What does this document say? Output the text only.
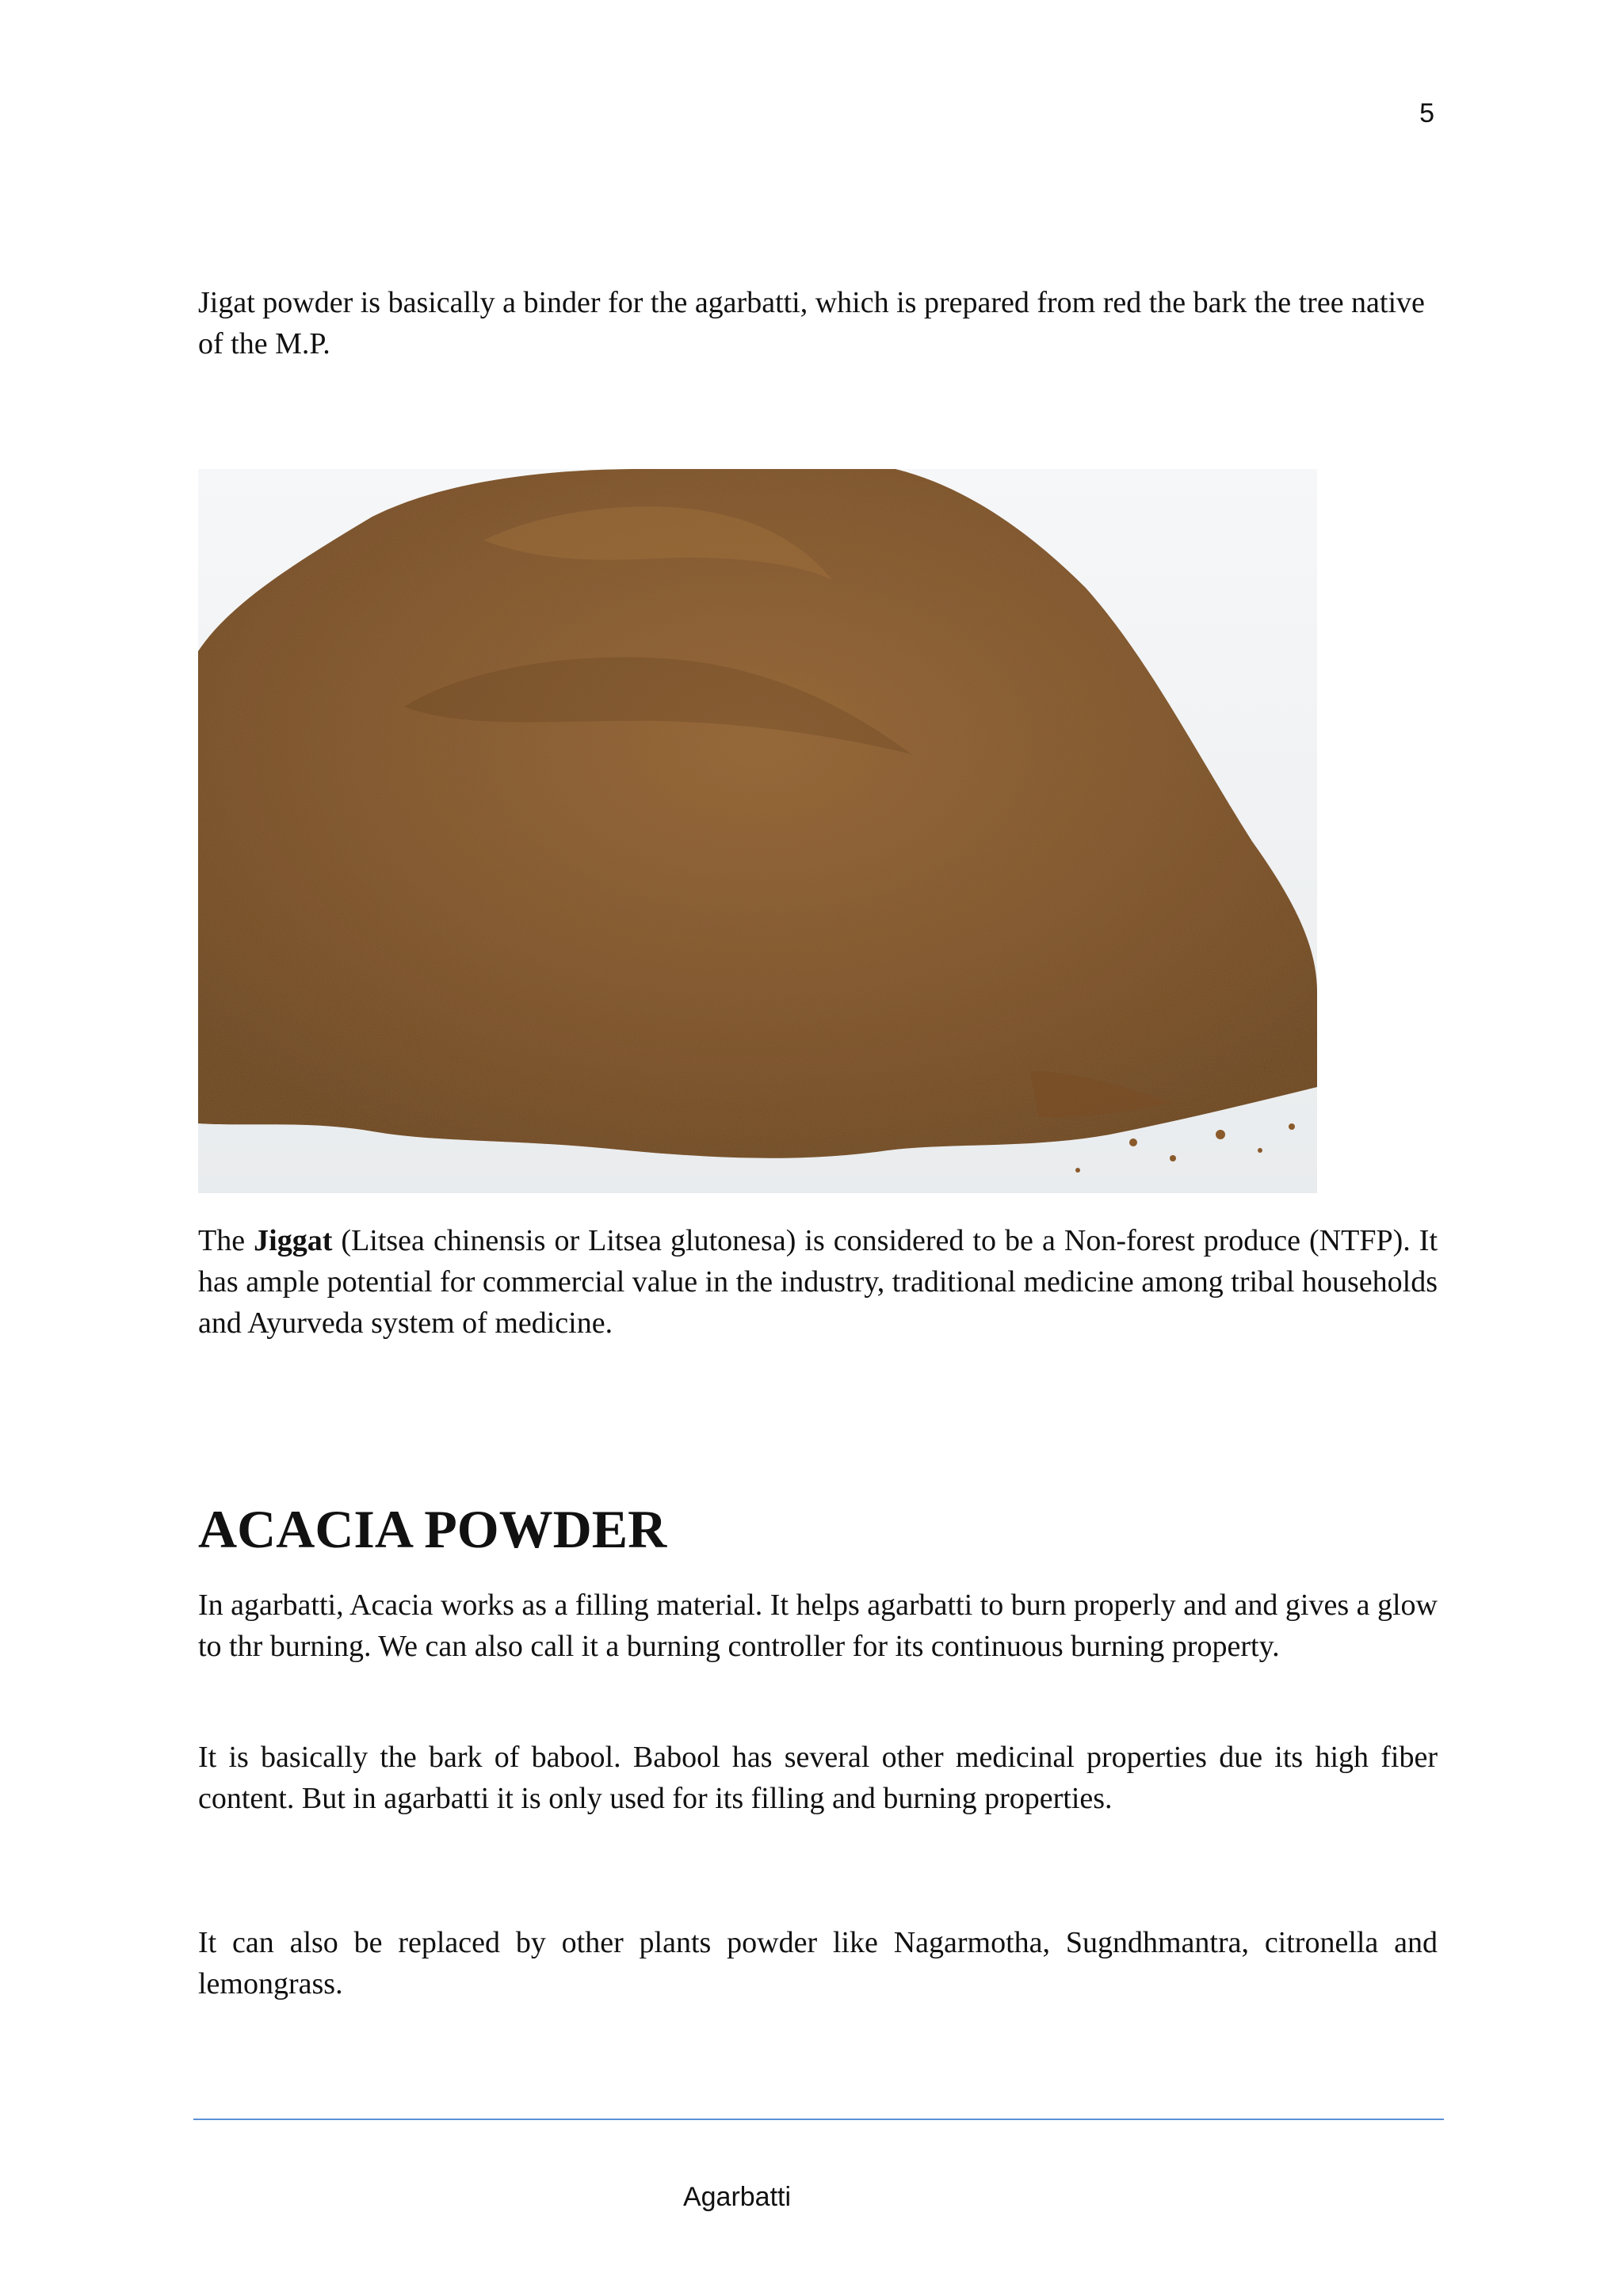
5

Jigat powder is basically a binder for the agarbatti, which is prepared from red the bark the tree native of the M.P.

The Jiggat (Litsea chinensis or Litsea glutonesa) is considered to be a Non-forest produce (NTFP). It has ample potential for commercial value in the industry, traditional medicine among tribal households and Ayurveda system of medicine.

ACACIA POWDER

In agarbatti, Acacia works as a filling material. It helps agarbatti to burn properly and and gives a glow to thr burning. We can also call it a burning controller for its continuous burning property.

It is basically the bark of babool. Babool has several other medicinal properties due its high fiber content. But in agarbatti it is only used for its filling and burning properties.

It can also be replaced by other plants powder like Nagarmotha, Sugndhmantra, citronella and lemongrass.

Agarbatti
